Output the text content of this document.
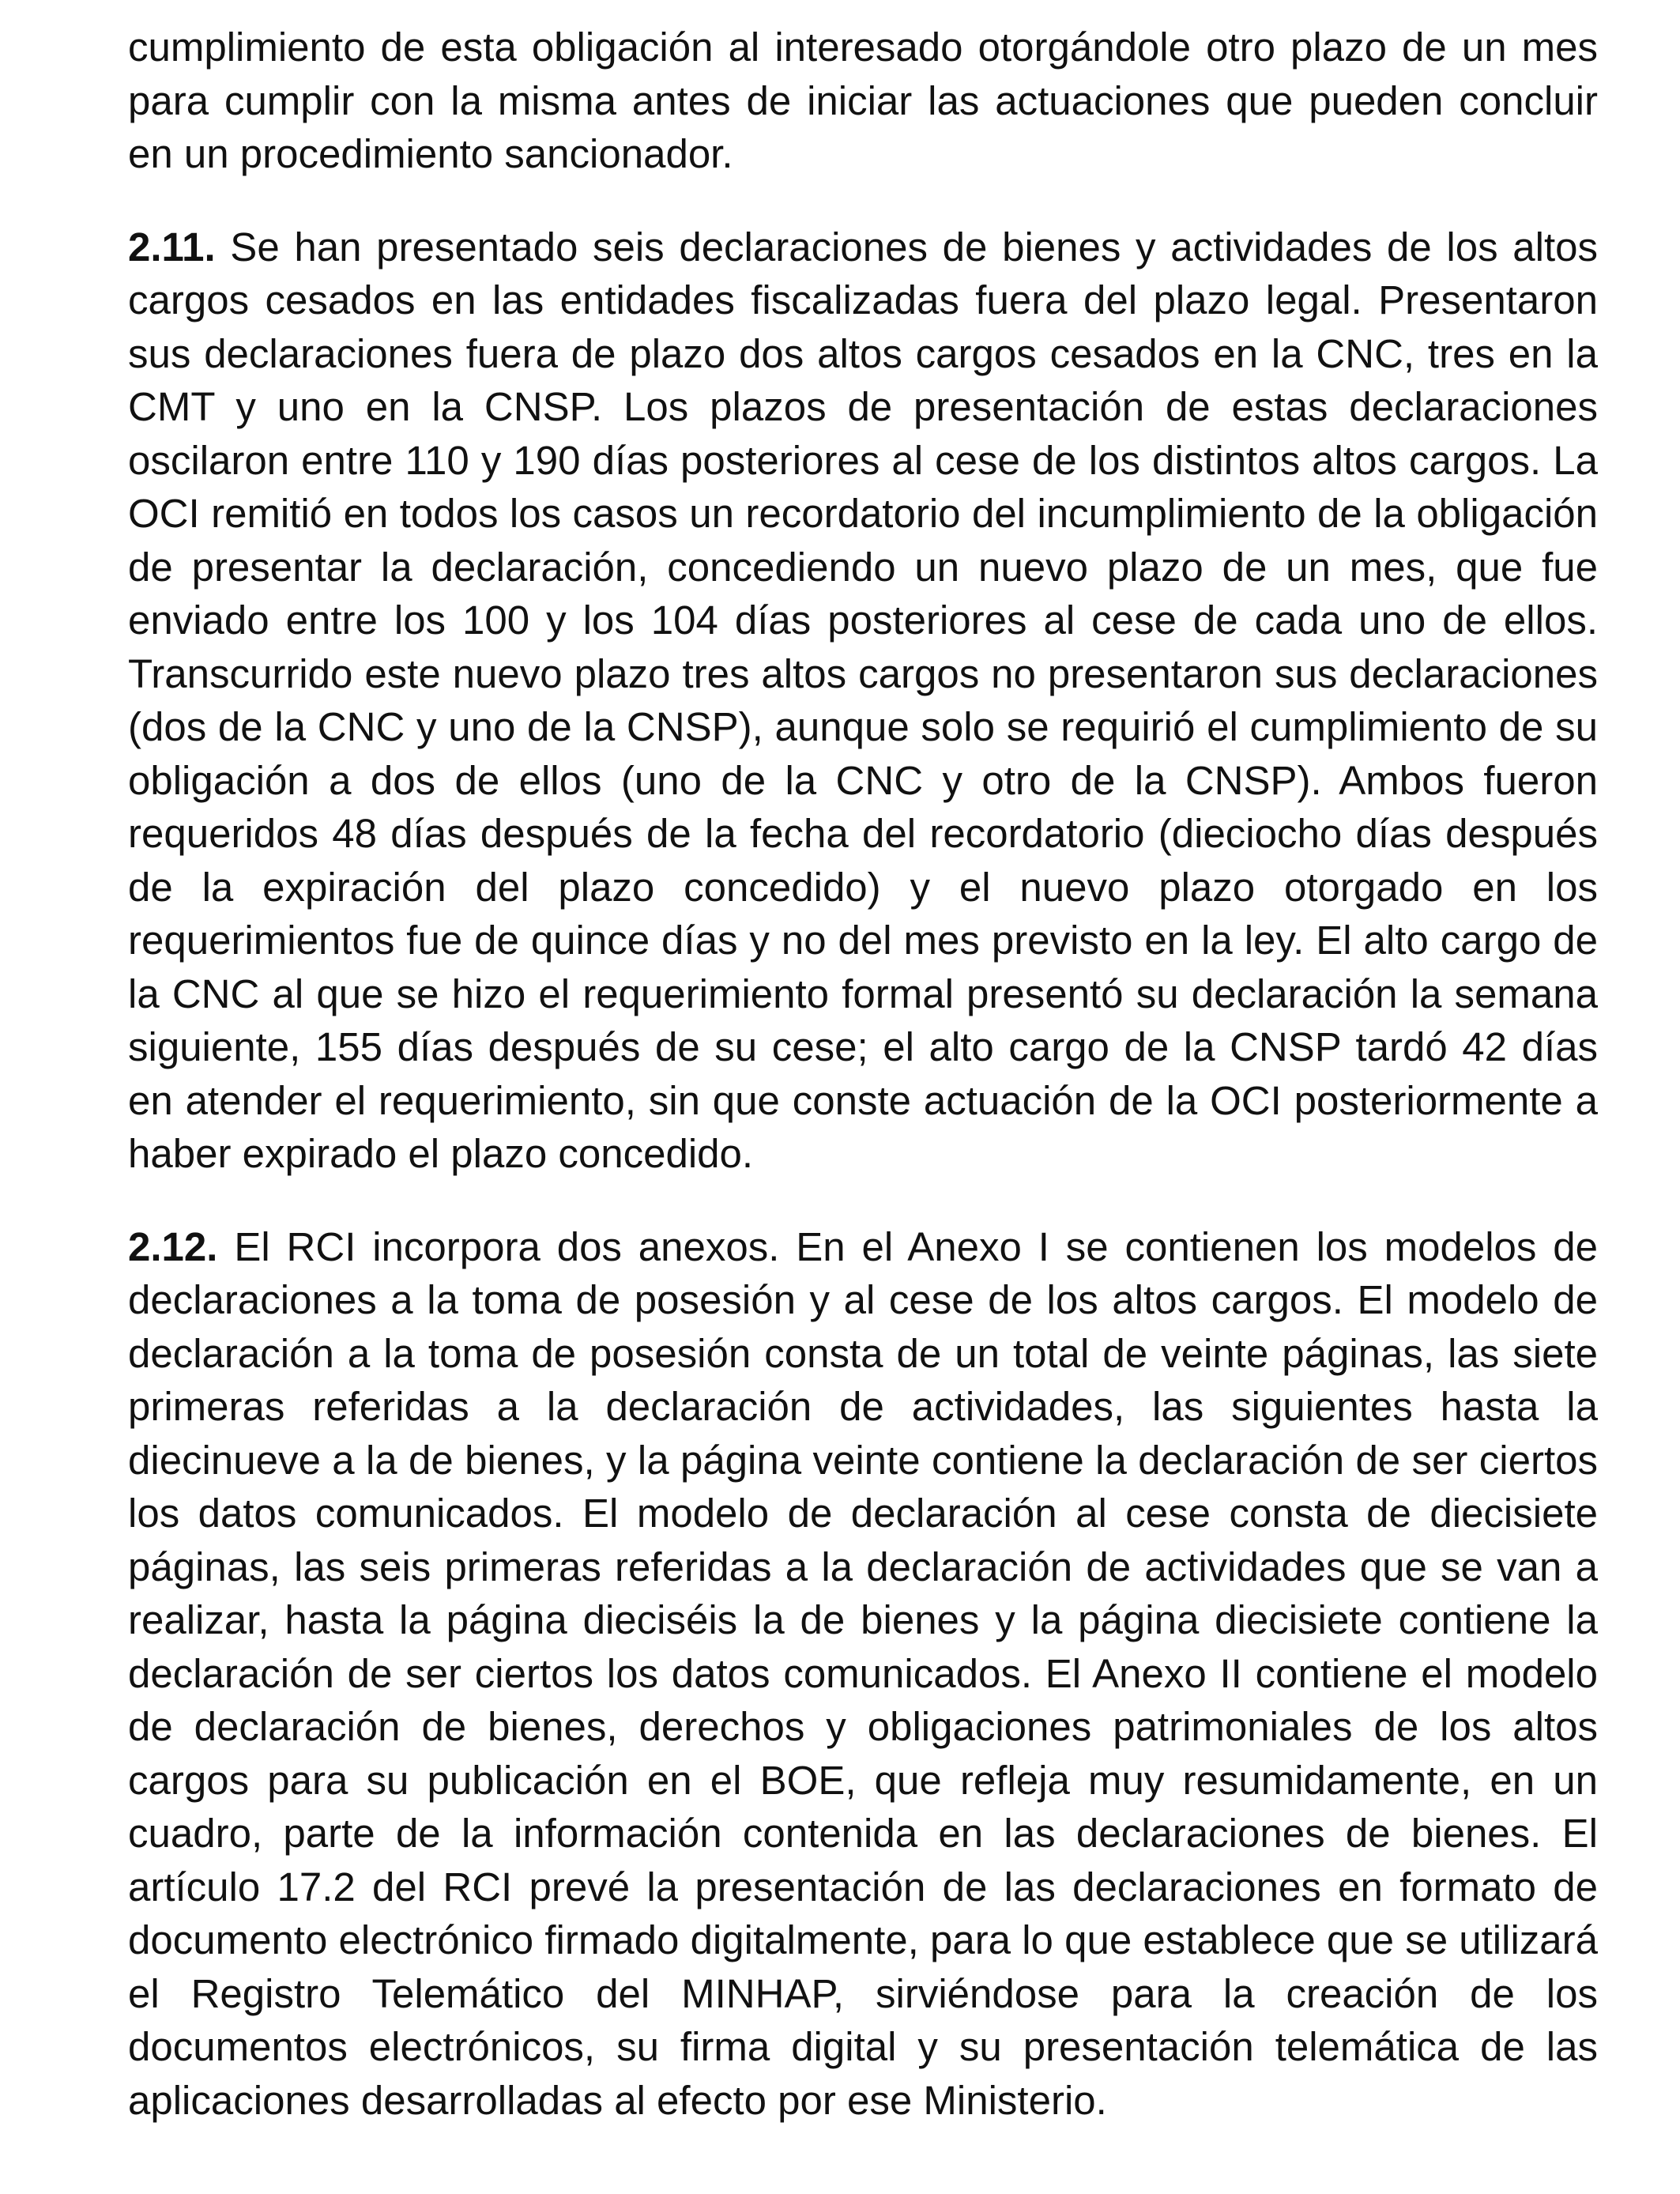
cumplimiento de esta obligación al interesado otorgándole otro plazo de un mes para cumplir con la misma antes de iniciar las actuaciones que pueden concluir en un procedimiento sancionador.

2.11. Se han presentado seis declaraciones de bienes y actividades de los altos cargos cesados en las entidades fiscalizadas fuera del plazo legal. Presentaron sus declaraciones fuera de plazo dos altos cargos cesados en la CNC, tres en la CMT y uno en la CNSP. Los plazos de presentación de estas declaraciones oscilaron entre 110 y 190 días posteriores al cese de los distintos altos cargos. La OCI remitió en todos los casos un recordatorio del incumplimiento de la obligación de presentar la declaración, concediendo un nuevo plazo de un mes, que fue enviado entre los 100 y los 104 días posteriores al cese de cada uno de ellos. Transcurrido este nuevo plazo tres altos cargos no presentaron sus declaraciones (dos de la CNC y uno de la CNSP), aunque solo se requirió el cumplimiento de su obligación a dos de ellos (uno de la CNC y otro de la CNSP). Ambos fueron requeridos 48 días después de la fecha del recordatorio (dieciocho días después de la expiración del plazo concedido) y el nuevo plazo otorgado en los requerimientos fue de quince días y no del mes previsto en la ley. El alto cargo de la CNC al que se hizo el requerimiento formal presentó su declaración la semana siguiente, 155 días después de su cese; el alto cargo de la CNSP tardó 42 días en atender el requerimiento, sin que conste actuación de la OCI posteriormente a haber expirado el plazo concedido.

2.12. El RCI incorpora dos anexos. En el Anexo I se contienen los modelos de declaraciones a la toma de posesión y al cese de los altos cargos. El modelo de declaración a la toma de posesión consta de un total de veinte páginas, las siete primeras referidas a la declaración de actividades, las siguientes hasta la diecinueve a la de bienes, y la página veinte contiene la declaración de ser ciertos los datos comunicados. El modelo de declaración al cese consta de diecisiete páginas, las seis primeras referidas a la declaración de actividades que se van a realizar, hasta la página dieciséis la de bienes y la página diecisiete contiene la declaración de ser ciertos los datos comunicados. El Anexo II contiene el modelo de declaración de bienes, derechos y obligaciones patrimoniales de los altos cargos para su publicación en el BOE, que refleja muy resumidamente, en un cuadro, parte de la información contenida en las declaraciones de bienes. El artículo 17.2 del RCI prevé la presentación de las declaraciones en formato de documento electrónico firmado digitalmente, para lo que establece que se utilizará el Registro Telemático del MINHAP, sirviéndose para la creación de los documentos electrónicos, su firma digital y su presentación telemática de las aplicaciones desarrolladas al efecto por ese Ministerio.
